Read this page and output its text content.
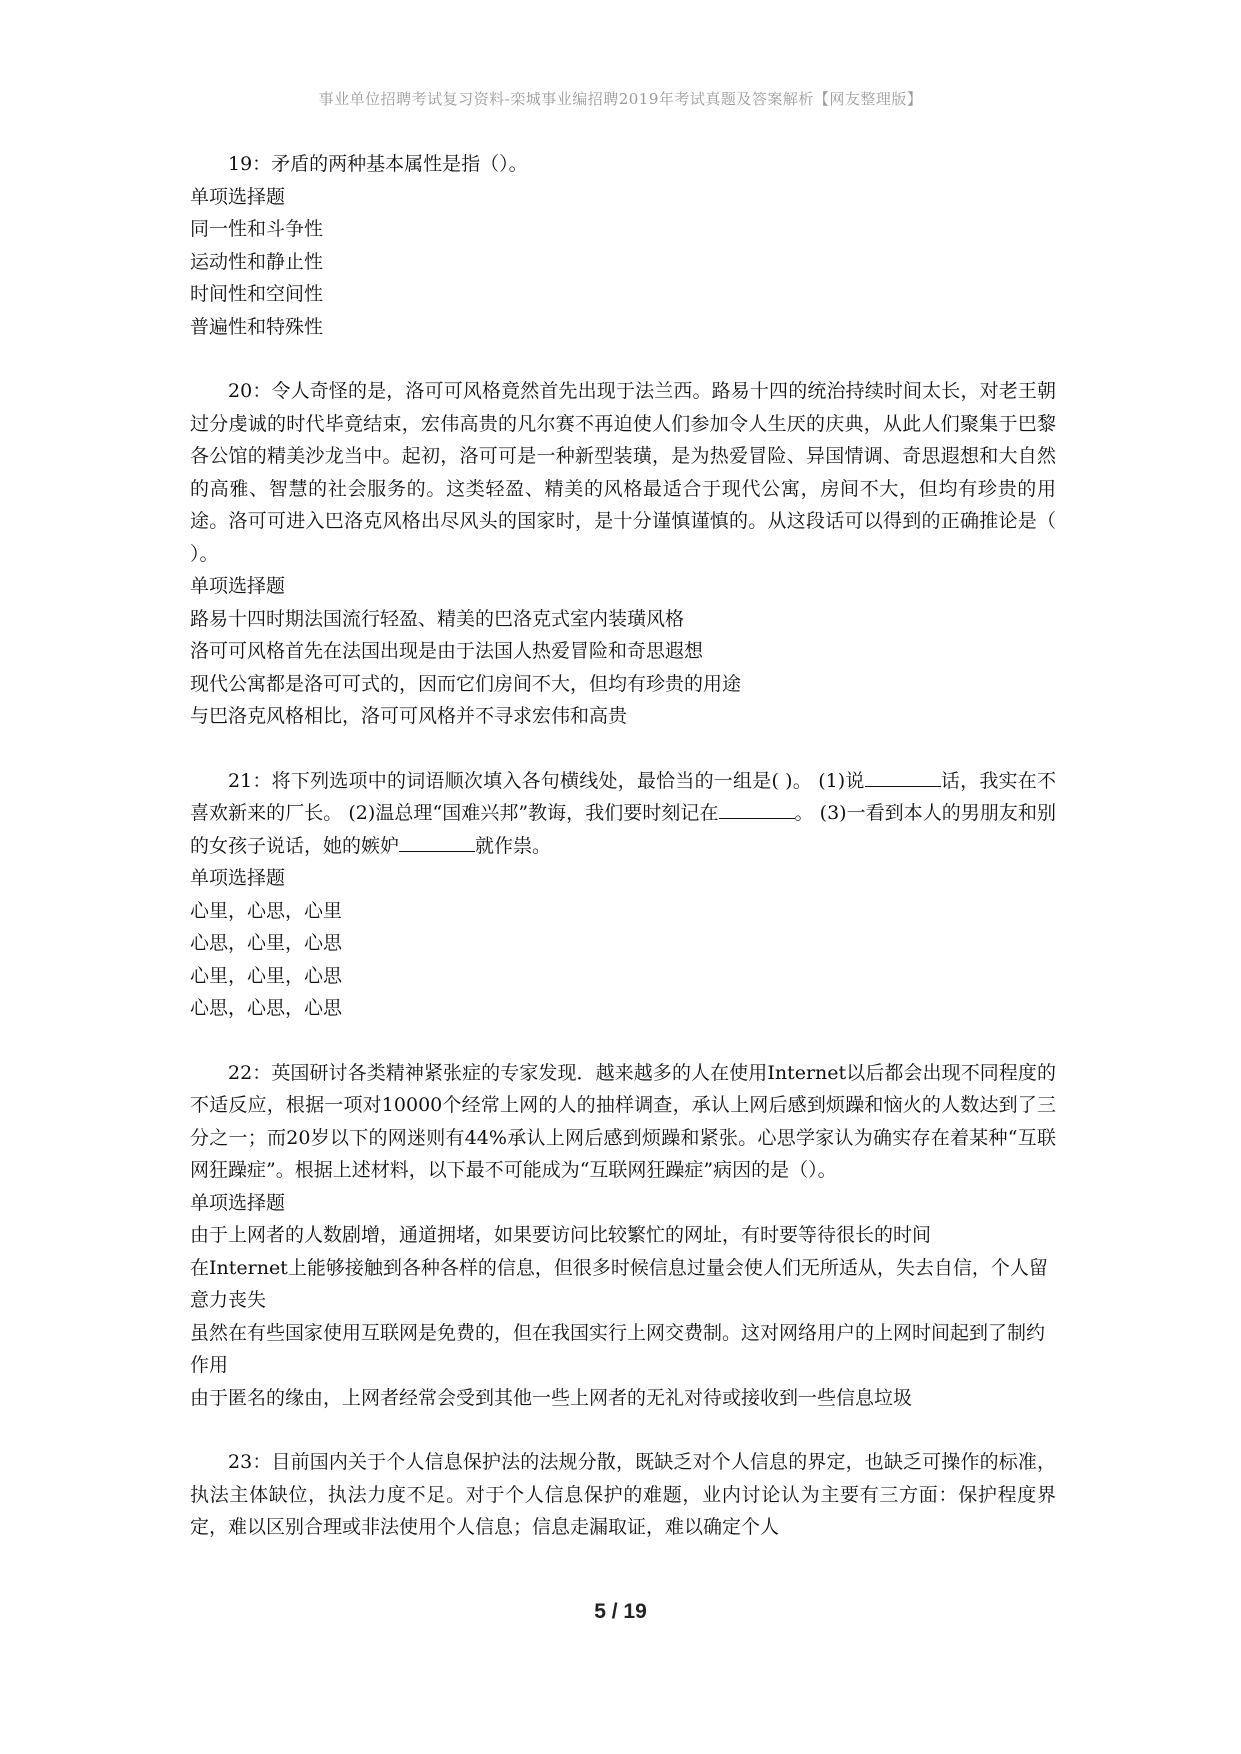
事业单位招聘考试复习资料-栾城事业编招聘2019年考试真题及答案解析【网友整理版】

19：矛盾的两种基本属性是指（）。

单项选择题

同一性和斗争性

运动性和静止性

时间性和空间性

普遍性和特殊性

20：令人奇怪的是，洛可可风格竟然首先出现于法兰西。路易十四的统治持续时间太长，对老王朝过分虔诚的时代毕竟结束，宏伟高贵的凡尔赛不再迫使人们参加令人生厌的庆典，从此人们聚集于巴黎各公馆的精美沙龙当中。起初，洛可可是一种新型装璜，是为热爱冒险、异国情调、奇思遐想和大自然的高雅、智慧的社会服务的。这类轻盈、精美的风格最适合于现代公寓，房间不大，但均有珍贵的用途。洛可可进入巴洛克风格出尽风头的国家时，是十分谨慎谨慎的。从这段话可以得到的正确推论是（ ）。

单项选择题

路易十四时期法国流行轻盈、精美的巴洛克式室内装璜风格

洛可可风格首先在法国出现是由于法国人热爱冒险和奇思遐想

现代公寓都是洛可可式的，因而它们房间不大，但均有珍贵的用途

与巴洛克风格相比，洛可可风格并不寻求宏伟和高贵

21：将下列选项中的词语顺次填入各句横线处，最恰当的一组是( )。 (1)说	话，我实在不喜欢新来的厂长。 (2)温总理“国难兴邦”教诲，我们要时刻记在	。 (3)一看到本人的男朋友和别的女孩子说话，她的嫉妒	就作祟。

单项选择题

心里，心思，心里

心思，心里，心思

心里，心里，心思

心思，心思，心思

22：英国研讨各类精神紧张症的专家发现．越来越多的人在使用Internet以后都会出现不同程度的不适反应，根据一项对10000个经常上网的人的抽样调查，承认上网后感到烦躁和恼火的人数达到了三分之一；而20岁以下的网迷则有44%承认上网后感到烦躁和紧张。心思学家认为确实存在着某种“互联网狂躁症”。根据上述材料，以下最不可能成为“互联网狂躁症”病因的是（）。

单项选择题

由于上网者的人数剧增，通道拥堵，如果要访问比较繁忙的网址，有时要等待很长的时间

在Internet上能够接触到各种各样的信息，但很多时候信息过量会使人们无所适从，失去自信，个人留意力丧失

虽然在有些国家使用互联网是免费的，但在我国实行上网交费制。这对网络用户的上网时间起到了制约作用

由于匿名的缘由，上网者经常会受到其他一些上网者的无礼对待或接收到一些信息垃圾

23：目前国内关于个人信息保护法的法规分散，既缺乏对个人信息的界定，也缺乏可操作的标准，执法主体缺位，执法力度不足。对于个人信息保护的难题，业内讨论认为主要有三方面：保护程度界定，难以区别合理或非法使用个人信息；信息走漏取证，难以确定个人

5 / 19
